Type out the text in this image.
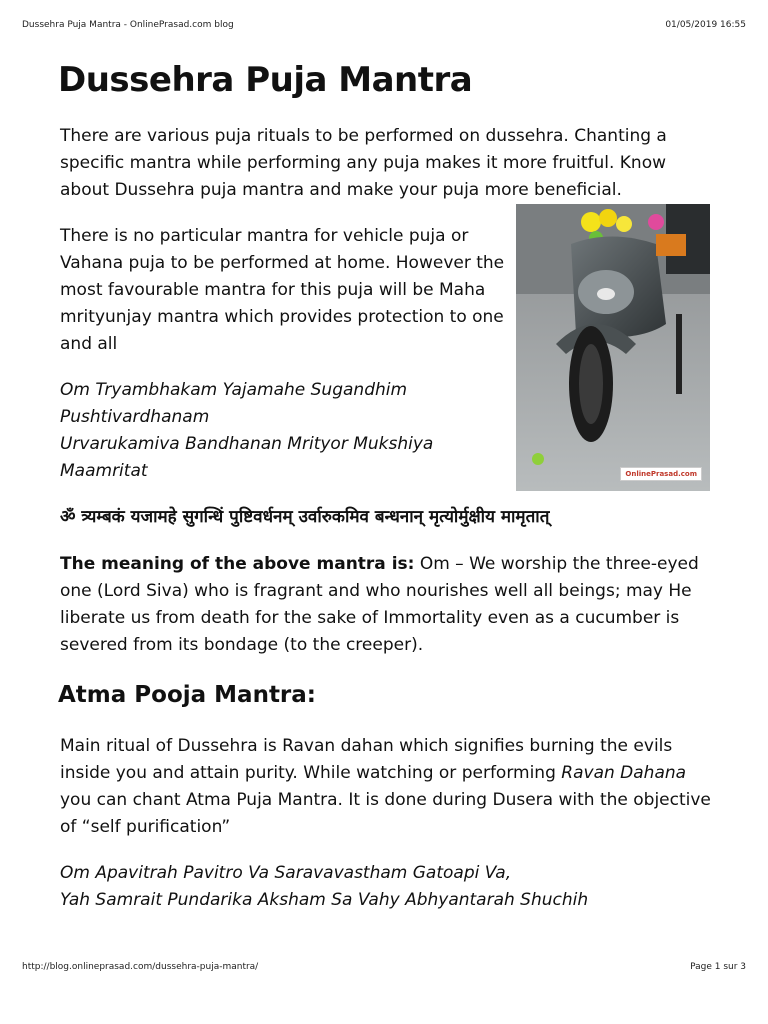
Dussehra Puja Mantra - OnlinePrasad.com blog	01/05/2019 16:55
Dussehra Puja Mantra

There are various puja rituals to be performed on dussehra. Chanting a specific mantra while performing any puja makes it more fruitful. Know about Dussehra puja mantra and make your puja more beneficial.

There is no particular mantra for vehicle puja or Vahana puja to be performed at home. However the most favourable mantra for this puja will be Maha mrityunjay mantra which provides protection to one and all

OnlinePrasad.com
Om Tryambhakam Yajamahe Sugandhim
Pushtivardhanam
Urvarukamiva Bandhanan Mrityor Mukshiya
Maamritat

ॐ त्र्यम्बकं यजामहे सुगन्धिं पुष्टिवर्धनम् उर्वारुकमिव बन्धनान् मृत्योर्मुक्षीय मामृतात्

The meaning of the above mantra is: Om – We worship the three-eyed one (Lord Siva) who is fragrant and who nourishes well all beings; may He liberate us from death for the sake of Immortality even as a cucumber is severed from its bondage (to the creeper).

Atma Pooja Mantra:

Main ritual of Dussehra is Ravan dahan which signifies burning the evils inside you and attain purity. While watching or performing Ravan Dahana you can chant Atma Puja Mantra. It is done during Dusera with the objective of “self purification”

Om Apavitrah Pavitro Va Saravavastham Gatoapi Va,
Yah Samrait Pundarika Aksham Sa Vahy Abhyantarah Shuchih
http://blog.onlineprasad.com/dussehra-puja-mantra/	Page 1 sur 3
